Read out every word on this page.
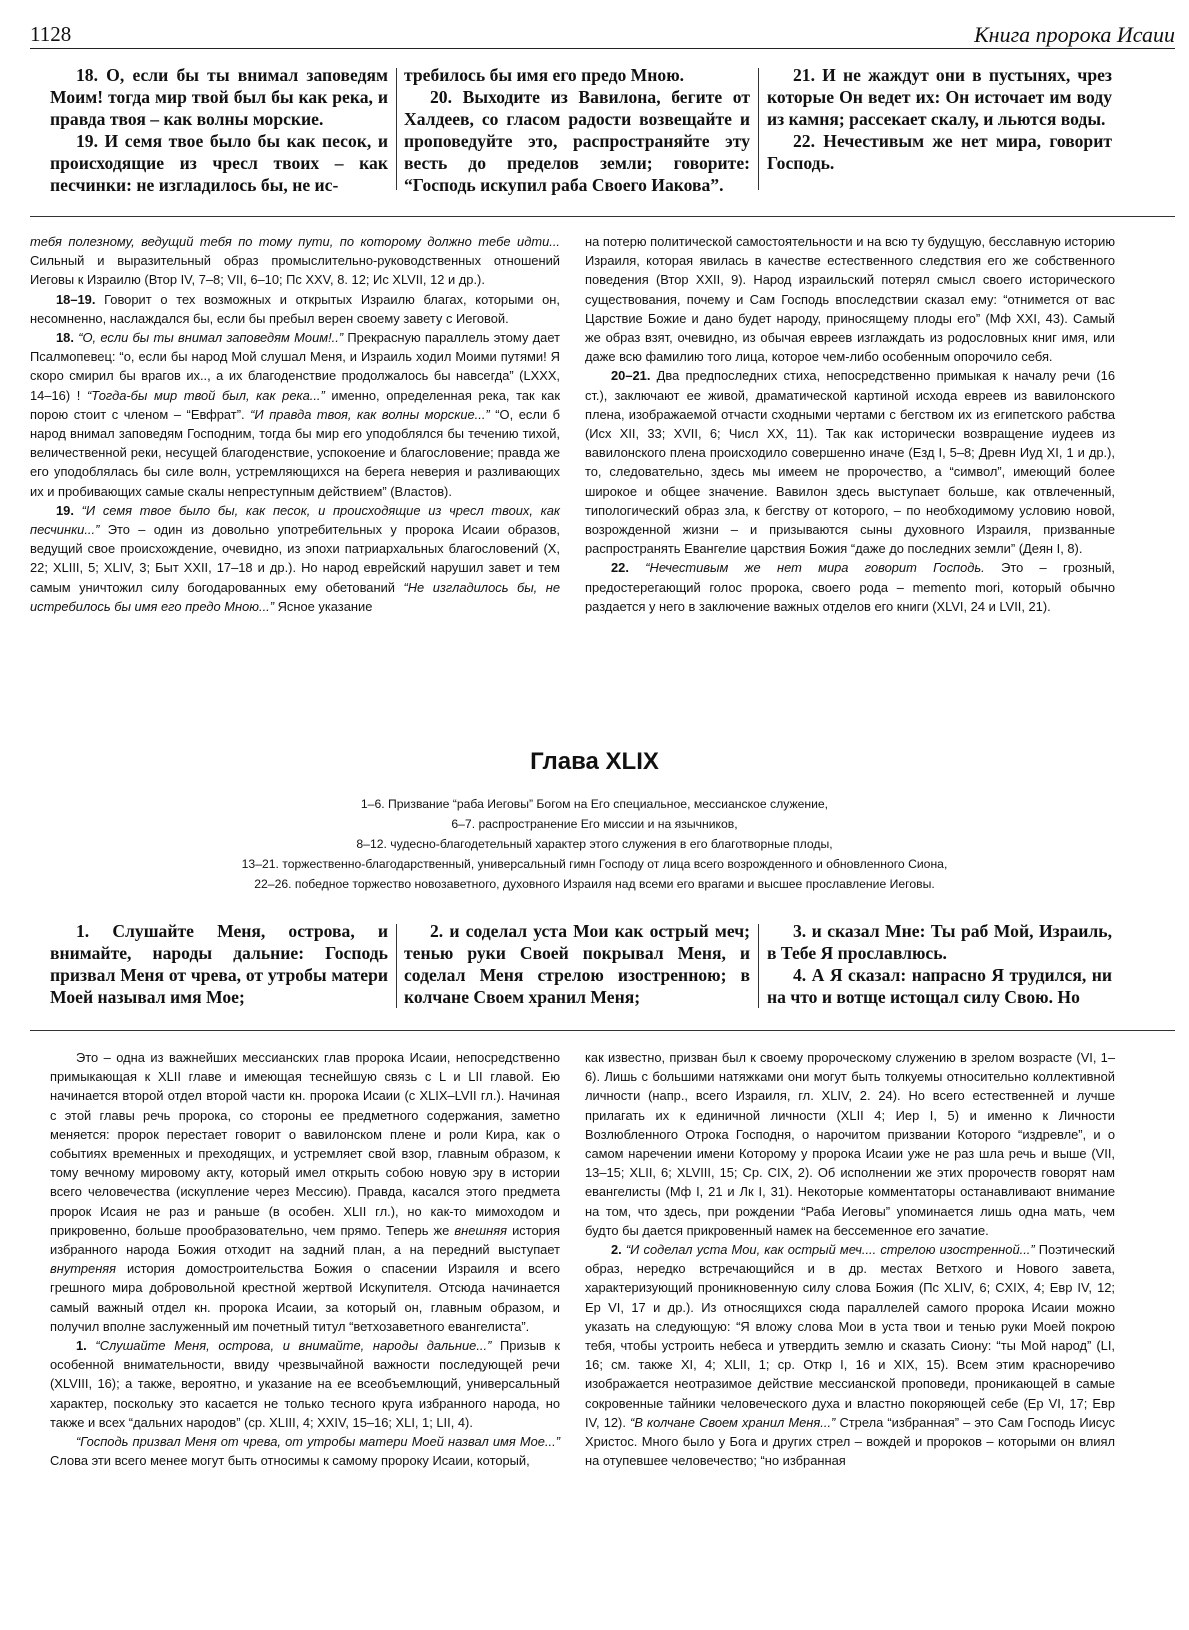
1128	Книга пророка Исаии

18. О, если бы ты внимал заповедям Моим! тогда мир твой был бы как река, и правда твоя – как волны морские.

19. И семя твое было бы как песок, и происходящие из чресл твоих – как песчинки: не изгладилось бы, не ис-

требилось бы имя его предо Мною.

20. Выходите из Вавилона, бегите от Халдеев, со гласом радости возвещайте и проповедуйте это, распространяйте эту весть до пределов земли; говорите: “Господь искупил раба Своего Иакова”.

21. И не жаждут они в пустынях, чрез которые Он ведет их: Он источает им воду из камня; рассекает скалу, и льются воды.

22. Нечестивым же нет мира, говорит Господь.

тебя полезному, ведущий тебя по тому пути, по которому должно тебе идти... Сильный и выразительный образ промыслительно-руководственных отношений Иеговы к Израилю (Втор IV, 7–8; VII, 6–10; Пс XXV, 8. 12; Ис XLVII, 12 и др.).

18–19. Говорит о тех возможных и открытых Израилю благах, которыми он, несомненно, наслаждался бы, если бы пребыл верен своему завету с Иеговой.

18. “О, если бы ты внимал заповедям Моим!..” Прекрасную параллель этому дает Псалмопевец: “о, если бы народ Мой слушал Меня, и Израиль ходил Моими путями! Я скоро смирил бы врагов их.., а их благоденствие продолжалось бы навсегда” (LXXX, 14–16) ! “Тогда-бы мир твой был, как река...” именно, определенная река, так как порою стоит с членом – “Евфрат”. “И правда твоя, как волны морские...” “О, если б народ внимал заповедям Господним, тогда бы мир его уподоблялся бы течению тихой, величественной реки, несущей благоденствие, успокоение и благословение; правда же его уподоблялась бы силе волн, устремляющихся на берега неверия и разливающих их и пробивающих самые скалы непреступным действием” (Властов).

19. “И семя твое было бы, как песок, и происходящие из чресл твоих, как песчинки...” Это – один из довольно употребительных у пророка Исаии образов, ведущий свое происхождение, очевидно, из эпохи патриархальных благословений (X, 22; XLIII, 5; XLIV, 3; Быт XXII, 17–18 и др.). Но народ еврейский нарушил завет и тем самым уничтожил силу богодарованных ему обетований “Не изгладилось бы, не истребилось бы имя его предо Мною...” Ясное указание

на потерю политической самостоятельности и на всю ту будущую, бесславную историю Израиля, которая явилась в качестве естественного следствия его же собственного поведения (Втор XXII, 9). Народ израильский потерял смысл своего исторического существования, почему и Сам Господь впоследствии сказал ему: “отнимется от вас Царствие Божие и дано будет народу, приносящему плоды его” (Мф XXI, 43). Самый же образ взят, очевидно, из обычая евреев изглаждать из родословных книг имя, или даже всю фамилию того лица, которое чем-либо особенным опорочило себя.

20–21. Два предпоследних стиха, непосредственно примыкая к началу речи (16 ст.), заключают ее живой, драматической картиной исхода евреев из вавилонского плена, изображаемой отчасти сходными чертами с бегством их из египетского рабства (Исх XII, 33; XVII, 6; Числ XX, 11). Так как исторически возвращение иудеев из вавилонского плена происходило совершенно иначе (Езд I, 5–8; Древн Иуд XI, 1 и др.), то, следовательно, здесь мы имеем не пророчество, а “символ”, имеющий более широкое и общее значение. Вавилон здесь выступает больше, как отвлеченный, типологический образ зла, к бегству от которого, – по необходимому условию новой, возрожденной жизни – и призываются сыны духовного Израиля, призванные распространять Евангелие царствия Божия “даже до последних земли” (Деян I, 8).

22. “Нечестивым же нет мира говорит Господь. Это – грозный, предостерегающий голос пророка, своего рода – memento mori, который обычно раздается у него в заключение важных отделов его книги (XLVI, 24 и LVII, 21).

Глава XLIX
1–6. Призвание “раба Иеговы” Богом на Его специальное, мессианское служение,
6–7. распространение Его миссии и на язычников,
8–12. чудесно-благодетельный характер этого служения в его благотворные плоды,
13–21. торжественно-благодарственный, универсальный гимн Господу от лица всего возрожденного и обновленного Сиона,
22–26. победное торжество новозаветного, духовного Израиля над всеми его врагами и высшее прославление Иеговы.

1. Слушайте Меня, острова, и внимайте, народы дальние: Господь призвал Меня от чрева, от утробы матери Моей называл имя Мое;

2. и соделал уста Мои как острый меч; тенью руки Своей покрывал Меня, и соделал Меня стрелою изостренною; в колчане Своем хранил Меня;

3. и сказал Мне: Ты раб Мой, Израиль, в Тебе Я прославлюсь.

4. А Я сказал: напрасно Я трудился, ни на что и вотще истощал силу Свою. Но

Это – одна из важнейших мессианских глав пророка Исаии, непосредственно примыкающая к XLII главе и имеющая теснейшую связь с L и LII главой. Ею начинается второй отдел второй части кн. пророка Исаии (с XLIX–LVII гл.). Начиная с этой главы речь пророка, со стороны ее предметного содержания, заметно меняется: пророк перестает говорит о вавилонском плене и роли Кира, как о событиях временных и преходящих, и устремляет свой взор, главным образом, к тому вечному мировому акту, который имел открыть собою новую эру в истории всего человечества (искупление через Мессию). Правда, касался этого предмета пророк Исаия не раз и раньше (в особен. XLII гл.), но как-то мимоходом и прикровенно, больше прообразовательно, чем прямо. Теперь же внешняя история избранного народа Божия отходит на задний план, а на передний выступает внутреняя история домостроительства Божия о спасении Израиля и всего грешного мира добровольной крестной жертвой Искупителя. Отсюда начинается самый важный отдел кн. пророка Исаии, за который он, главным образом, и получил вполне заслуженный им почетный титул “ветхозаветного евангелиста”.

1. “Слушайте Меня, острова, и внимайте, народы дальние...” Призыв к особенной внимательности, ввиду чрезвычайной важности последующей речи (XLVIII, 16); а также, вероятно, и указание на ее всеобъемлющий, универсальный характер, поскольку это касается не только тесного круга избранного народа, но также и всех “дальних народов” (ср. XLIII, 4; XXIV, 15–16; XLI, 1; LII, 4).

“Господь призвал Меня от чрева, от утробы матери Моей назвал имя Мое...” Слова эти всего менее могут быть относимы к самому пророку Исаии, который,

как известно, призван был к своему пророческому служению в зрелом возрасте (VI, 1–6). Лишь с большими натяжками они могут быть толкуемы относительно коллективной личности (напр., всего Израиля, гл. XLIV, 2. 24). Но всего естественней и лучше прилагать их к единичной личности (XLII 4; Иер I, 5) и именно к Личности Возлюбленного Отрока Господня, о нарочитом призвании Которого “издревле”, и о самом наречении имени Которому у пророка Исаии уже не раз шла речь и выше (VII, 13–15; XLII, 6; XLVIII, 15; Ср. CIX, 2). Об исполнении же этих пророчеств говорят нам евангелисты (Мф I, 21 и Лк I, 31). Некоторые комментаторы останавливают внимание на том, что здесь, при рождении “Раба Иеговы” упоминается лишь одна мать, чем будто бы дается прикровенный намек на бессеменное его зачатие.

2. “И соделал уста Мои, как острый меч.... стрелою изостренной...” Поэтический образ, нередко встречающийся и в др. местах Ветхого и Нового завета, характеризующий проникновенную силу слова Божия (Пс XLIV, 6; CXIX, 4; Евр IV, 12; Ер VI, 17 и др.). Из относящихся сюда параллелей самого пророка Исаии можно указать на следующую: “Я вложу слова Мои в уста твои и тенью руки Моей покрою тебя, чтобы устроить небеса и утвердить землю и сказать Сиону: “ты Мой народ” (LI, 16; см. также XI, 4; XLII, 1; ср. Откр I, 16 и XIX, 15). Всем этим красноречиво изображается неотразимое действие мессианской проповеди, проникающей в самые сокровенные тайники человеческого духа и властно покоряющей себе (Ер VI, 17; Евр IV, 12). “В колчане Своем хранил Меня...” Стрела “избранная” – это Сам Господь Иисус Христос. Много было у Бога и других стрел – вождей и пророков – которыми он влиял на отупевшее человечество; “но избранная
